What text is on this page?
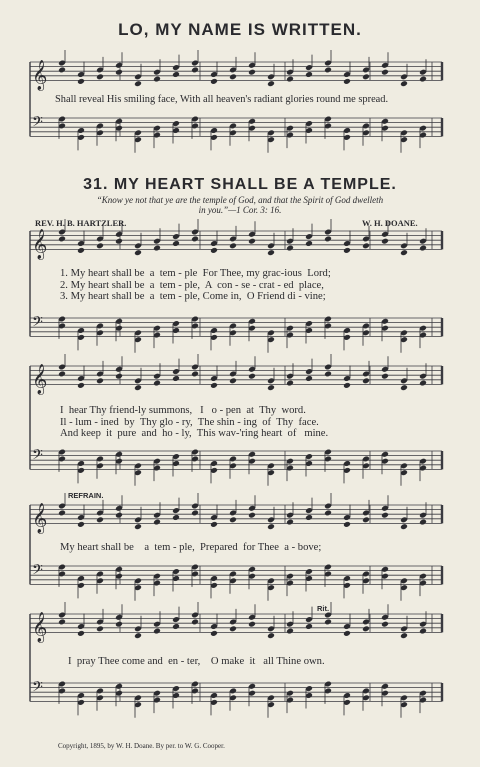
𝄞
𝄢
𝄞
𝄢
𝄞
𝄢
𝄞
𝄢
𝄞
𝄢
LO, MY NAME IS WRITTEN.
Shall reveal His smiling face, With all heaven's radiant glories round me spread.
31. MY HEART SHALL BE A TEMPLE.
“Know ye not that ye are the temple of God, and that the Spirit of God dwelleth
in you.”—1 Cor. 3: 16.
REV. H. B. HARTZLER.	W. H. DOANE.
1. My heart shall be  a  tem - ple  For Thee, my grac-ious  Lord;
2. My heart shall be  a  tem - ple,  A  con - se - crat - ed  place,
3. My heart shall be  a  tem - ple, Come in,  O Friend di - vine;
I  hear Thy friend-ly summons,   I   o - pen  at  Thy  word.
Il - lum - ined  by  Thy glo - ry,  The shin - ing  of  Thy  face.
And keep  it  pure  and  ho - ly,  This wav-'ring heart  of   mine.
REFRAIN.
My heart shall be    a  tem - ple,  Prepared  for Thee  a - bove;
Rit.
I  pray Thee come and  en - ter,    O make  it   all Thine own.
Copyright, 1895, by W. H. Doane. By per. to W. G. Cooper.
